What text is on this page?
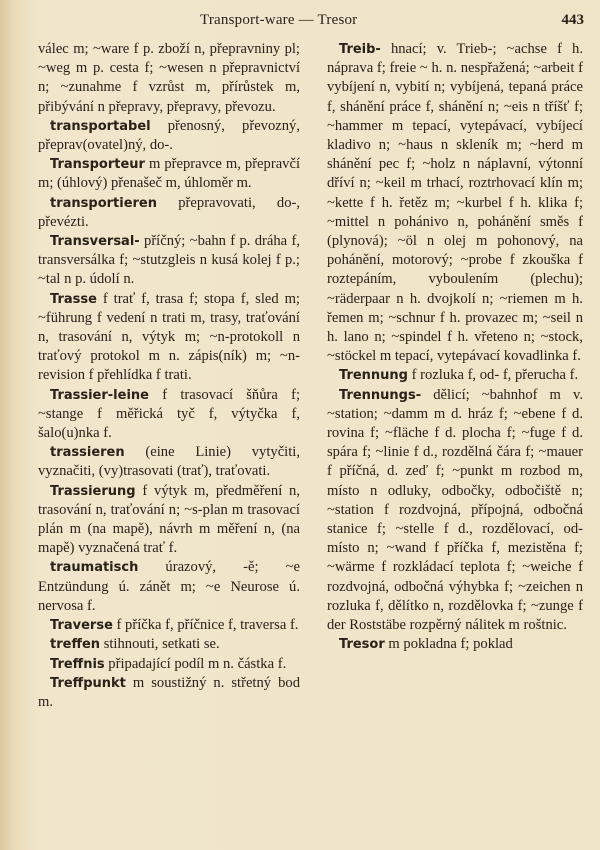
Transport-ware — Tresor	443

válec m; ~ware f p. zboží n, přepravniny pl; ~weg m p. cesta f; ~wesen n přepravnictví n; ~zunahme f vzrůst m, přírůstek m, přibývání n přepravy, přepravy, převozu.

transportabel přenosný, převozný, přeprav(ovatel)ný, do-.

Transporteur m přepravce m, přepravčí m; (úhlový) přenašeč m, úhloměr m.

transportieren přepravovati, do-, převézti.

Transversal- příčný; ~bahn f p. dráha f, transversálka f; ~stutzgleis n kusá kolej f p.; ~tal n p. údolí n.

Trasse f trať f, trasa f; stopa f, sled m; ~führung f vedení n trati m, trasy, traťování n, trasování n, výtyk m; ~n-protokoll n traťový protokol m n. zápis(ník) m; ~n-revision f přehlídka f trati.

Trassier-leine f trasovací šňůra f; ~stange f měřická tyč f, výtyčka f, šalo(u)nka f.

trassieren (eine Linie) vytyčiti, vyznačiti, (vy)trasovati (trať), traťovati.

Trassierung f výtyk m, předměření n, trasování n, traťování n; ~s-plan m trasovací plán m (na mapě), návrh m měření n, (na mapě) vyznačená trať f.

traumatisch úrazový, -ě; ~e Entzündung ú. zánět m; ~e Neurose ú. nervosa f.

Traverse f příčka f, příčnice f, traversa f.

treffen stihnouti, setkati se.

Treffnis připadající podíl m n. částka f.

Treffpunkt m soustižný n. střetný bod m.

Treib- hnací; v. Trieb-; ~achse f h. náprava f; freie ~ h. n. nespřažená; ~arbeit f vybíjení n, vybití n; vybíjená, tepaná práce f, shánění práce f, shánění n; ~eis n tříšť f; ~hammer m tepací, vytepávací, vybíjecí kladivo n; ~haus n skleník m; ~herd m shánění pec f; ~holz n náplavní, výtonní dříví n; ~keil m trhací, roztrhovací klín m; ~kette f h. řetěz m; ~kurbel f h. klika f; ~mittel n pohánivo n, pohánění směs f (plynová); ~öl n olej m pohonový, na pohánění, motorový; ~probe f zkouška f roztepáním, vyboulením (plechu); ~räderpaar n h. dvojkolí n; ~riemen m h. řemen m; ~schnur f h. provazec m; ~seil n h. lano n; ~spindel f h. vřeteno n; ~stock, ~stöckel m tepací, vytepávací kovadlinka f.

Trennung f rozluka f, od- f, přerucha f.

Trennungs- dělicí; ~bahnhof m v. ~station; ~damm m d. hráz f; ~ebene f d. rovina f; ~fläche f d. plocha f; ~fuge f d. spára f; ~linie f d., rozdělná čára f; ~mauer f příčná, d. zeď f; ~punkt m rozbod m, místo n odluky, odbočky, odbočiště n; ~station f rozdvojná, přípojná, odbočná stanice f; ~stelle f d., rozdělovací, od- místo n; ~wand f příčka f, mezistěna f; ~wärme f rozkládací teplota f; ~weiche f rozdvojná, odbočná výhybka f; ~zeichen n rozluka f, dělítko n, rozdělovka f; ~zunge f der Roststäbe rozpěrný nálitek m roštnic.

Tresor m pokladna f; poklad
